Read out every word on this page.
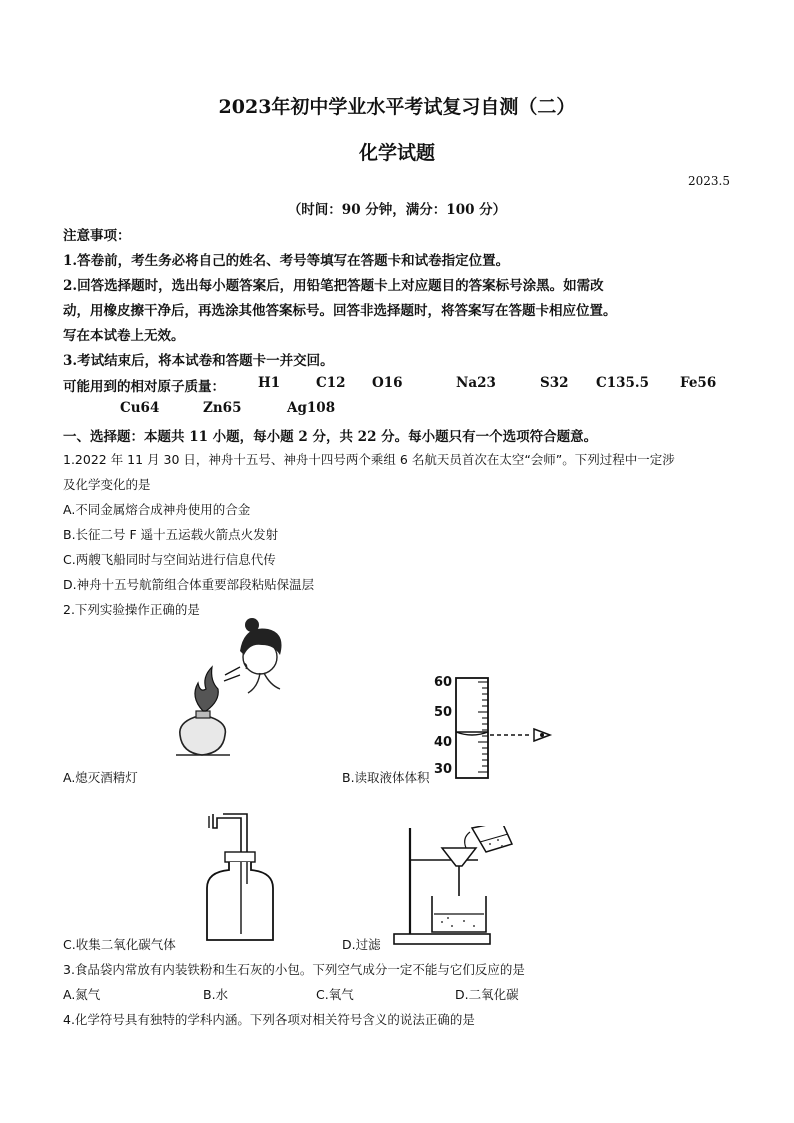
2023年初中学业水平考试复习自测（二）
化学试题
2023.5
（时间：90 分钟，满分：100 分）
注意事项：
1.答卷前，考生务必将自己的姓名、考号等填写在答题卡和试卷指定位置。
2.回答选择题时，选出每小题答案后，用铅笔把答题卡上对应题目的答案标号涂黑。如需改
动，用橡皮擦干净后，再选涂其他答案标号。回答非选择题时，将答案写在答题卡相应位置。
写在本试卷上无效。
3.考试结束后，将本试卷和答题卡一并交回。
可能用到的相对原子质量： H1	C12 O16	Na23	S32 C135.5 Fe56
Cu64	Zn65	Ag108
一、选择题：本题共 11 小题，每小题 2 分，共 22 分。每小题只有一个选项符合题意。
1.2022 年 11 月 30 日，神舟十五号、神舟十四号两个乘组 6 名航天员首次在太空“会师”。下列过程中一定涉
及化学变化的是
A.不同金属熔合成神舟使用的合金
B.长征二号 F 遥十五运载火箭点火发射
C.两艘飞船同时与空间站进行信息代传
D.神舟十五号航箭组合体重要部段粘贴保温层
2.下列实验操作正确的是
A.熄灭酒精灯
60
50
40
30
B.读取液体体积
C.收集二氧化碳气体	D.过滤
3.食品袋内常放有内装铁粉和生石灰的小包。下列空气成分一定不能与它们反应的是
A.氮气	B.水	C.氧气	D.二氧化碳
4.化学符号具有独特的学科内涵。下列各项对相关符号含义的说法正确的是
